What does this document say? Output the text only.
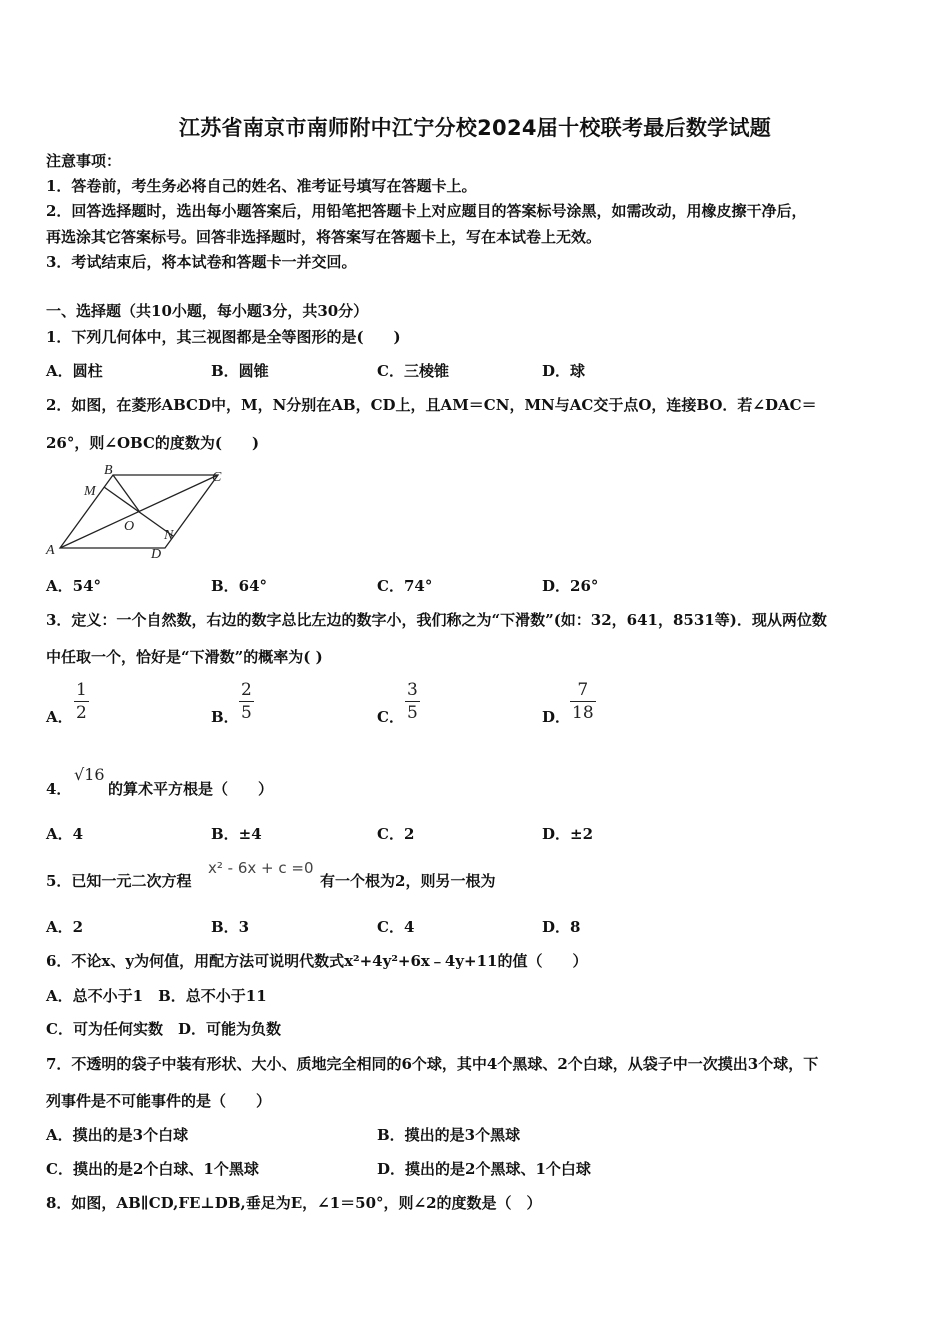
江苏省南京市南师附中江宁分校2024届十校联考最后数学试题
注意事项：
1．答卷前，考生务必将自己的姓名、准考证号填写在答题卡上。
2．回答选择题时，选出每小题答案后，用铅笔把答题卡上对应题目的答案标号涂黑，如需改动，用橡皮擦干净后，
再选涂其它答案标号。回答非选择题时，将答案写在答题卡上，写在本试卷上无效。
3．考试结束后，将本试卷和答题卡一并交回。
一、选择题（共10小题，每小题3分，共30分）
1．下列几何体中，其三视图都是全等图形的是(　　)
A．圆柱	B．圆锥	C．三棱锥	D．球
2．如图，在菱形ABCD中，M，N分别在AB，CD上，且AM＝CN，MN与AC交于点O，连接BO．若∠DAC＝
26°，则∠OBC的度数为(　　)
A
B	C
D
M
N
O
A．54°	B．64°	C．74°	D．26°
3．定义：一个自然数，右边的数字总比左边的数字小，我们称之为“下滑数”(如：32，641，8531等)．现从两位数
中任取一个，恰好是“下滑数”的概率为( )
A．
1
2	B．
2
5	C．
3
5	D．
7
18
4．
√16
的算术平方根是（　　）
A．4	B．±4	C．2	D．±2
5．已知一元二次方程
x² - 6x + c =0
有一个根为2，则另一根为
A．2	B．3	C．4	D．8
6．不论x、y为何值，用配方法可说明代数式x²+4y²+6x﹣4y+11的值（　　）
A．总不小于1　B．总不小于11
C．可为任何实数　D．可能为负数
7．不透明的袋子中装有形状、大小、质地完全相同的6个球，其中4个黑球、2个白球，从袋子中一次摸出3个球，下
列事件是不可能事件的是（　　）
A．摸出的是3个白球	B．摸出的是3个黑球
C．摸出的是2个白球、1个黑球	D．摸出的是2个黑球、1个白球
8．如图，AB∥CD,FE⊥DB,垂足为E，∠1＝50°，则∠2的度数是（　）
